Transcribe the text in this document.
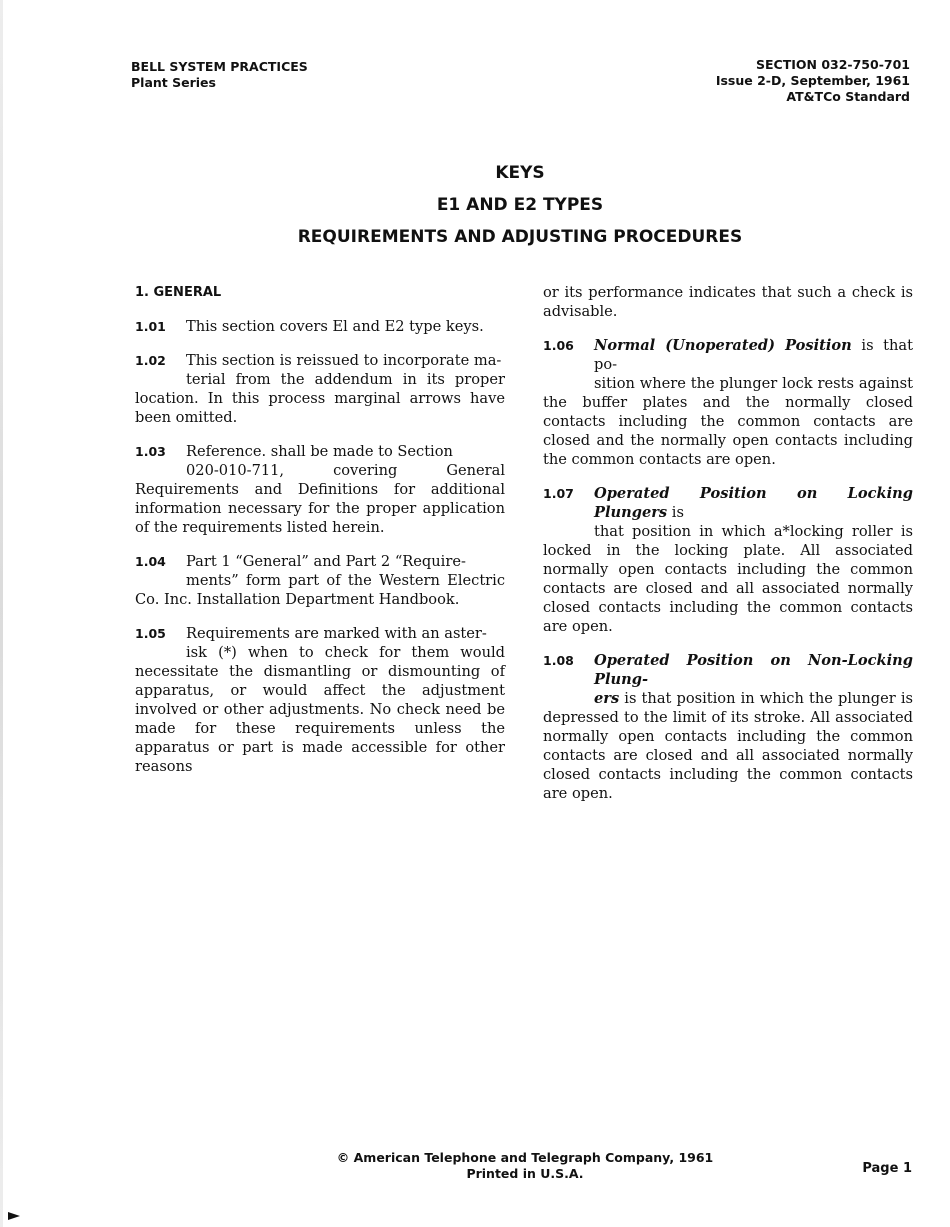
BELL SYSTEM PRACTICES
Plant Series
SECTION 032-750-701
Issue 2-D, September, 1961
AT&TCo Standard
KEYS
E1 AND E2 TYPES
REQUIREMENTS AND ADJUSTING PROCEDURES
1. GENERAL

1.01 This section covers El and E2 type keys.

1.02 This section is reissued to incorporate ma-
terial from the addendum in its proper location. In this process marginal arrows have been omitted.

1.03 Reference. shall be made to Section
020-010-711, covering General Requirements and Definitions for additional information necessary for the proper application of the requirements listed herein.

1.04 Part 1 “General” and Part 2 “Require-
ments” form part of the Western Electric Co. Inc. Installation Department Handbook.

1.05 Requirements are marked with an aster-
isk (*) when to check for them would necessitate the dismantling or dismounting of apparatus, or would affect the adjustment involved or other adjustments. No check need be made for these requirements unless the apparatus or part is made accessible for other reasons

or its performance indicates that such a check is advisable.

1.06 Normal (Unoperated) Position is that po-
sition where the plunger lock rests against the buffer plates and the normally closed contacts including the common contacts are closed and the normally open contacts including the common contacts are open.

1.07 Operated Position on Locking Plungers is
that position in which a*locking roller is locked in the locking plate. All associated normally open contacts including the common contacts are closed and all associated normally closed contacts including the common contacts are open.

1.08 Operated Position on Non-Locking Plung-
ers is that position in which the plunger is depressed to the limit of its stroke. All associated normally open contacts including the common contacts are closed and all associated normally closed contacts including the common contacts are open.

© American Telephone and Telegraph Company, 1961
Printed in U.S.A.	Page 1
